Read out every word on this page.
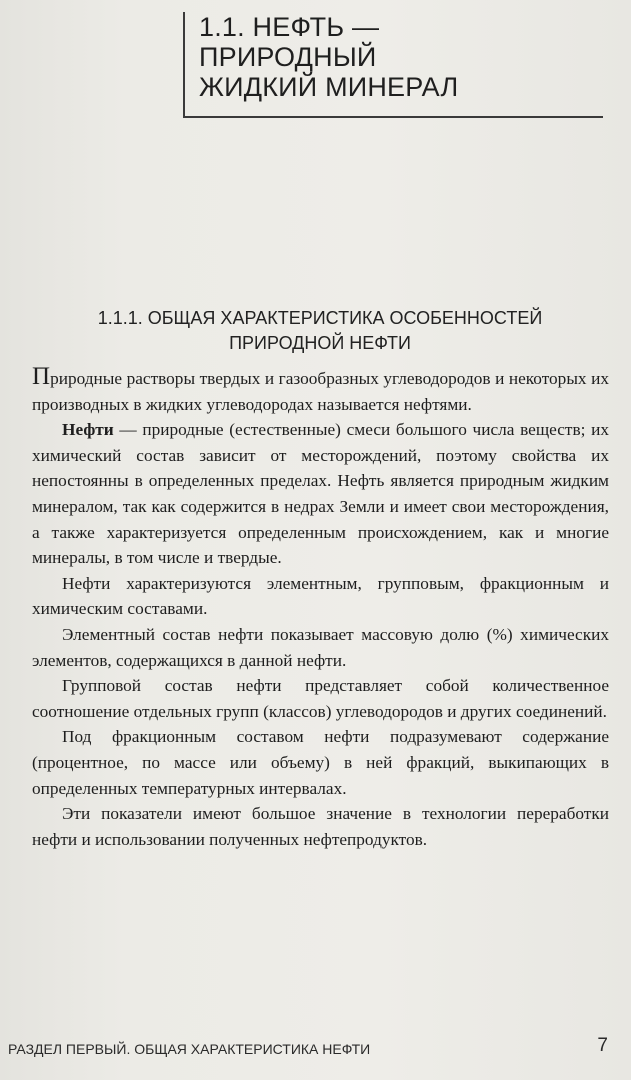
1.1. НЕФТЬ —
ПРИРОДНЫЙ
ЖИДКИЙ МИНЕРАЛ
1.1.1. ОБЩАЯ ХАРАКТЕРИСТИКА ОСОБЕННОСТЕЙ
ПРИРОДНОЙ НЕФТИ

Природные растворы твердых и газообразных углеводородов и некоторых их производных в жидких углеводородах называется нефтями.

Нефти — природные (естественные) смеси большого числа веществ; их химический состав зависит от месторождений, поэтому свойства их непостоянны в определенных пределах. Нефть является природным жидким минералом, так как содержится в недрах Земли и имеет свои месторождения, а также характеризуется определенным происхождением, как и многие минералы, в том числе и твердые.

Нефти характеризуются элементным, групповым, фракционным и химическим составами.

Элементный состав нефти показывает массовую долю (%) химических элементов, содержащихся в данной нефти.

Групповой состав нефти представляет собой количественное соотношение отдельных групп (классов) углеводородов и других соединений.

Под фракционным составом нефти подразумевают содержание (процентное, по массе или объему) в ней фракций, выкипающих в определенных температурных интервалах.

Эти показатели имеют большое значение в технологии переработки нефти и использовании полученных нефтепродуктов.

РАЗДЕЛ ПЕРВЫЙ. ОБЩАЯ ХАРАКТЕРИСТИКА НЕФТИ	7
